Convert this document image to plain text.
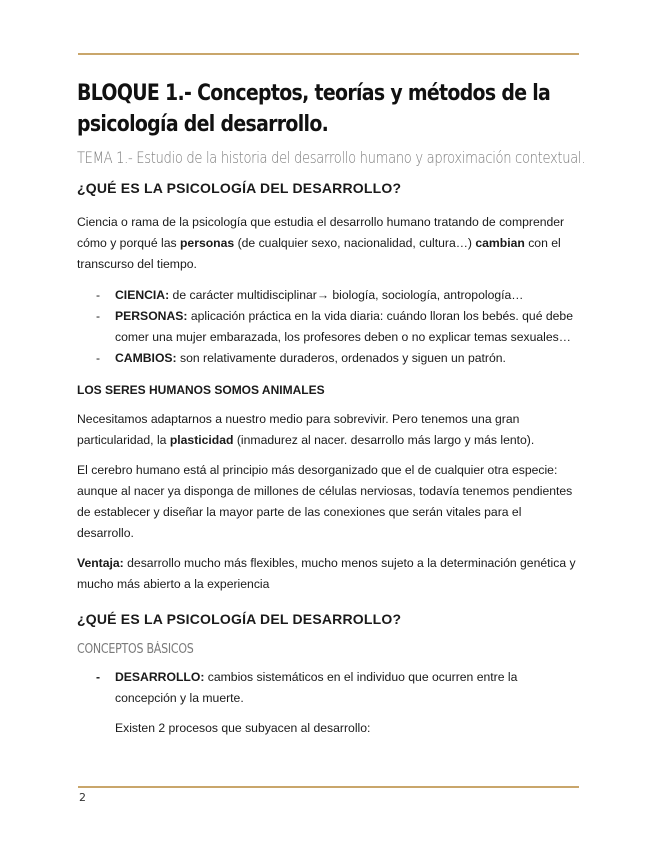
BLOQUE 1.- Conceptos, teorías y métodos de la psicología del desarrollo.
TEMA 1.- Estudio de la historia del desarrollo humano y aproximación contextual.
¿QUÉ ES LA PSICOLOGÍA DEL DESARROLLO?

Ciencia o rama de la psicología que estudia el desarrollo humano tratando de comprender cómo y porqué las personas (de cualquier sexo, nacionalidad, cultura…) cambian con el transcurso del tiempo.

- CIENCIA: de carácter multidisciplinar→ biología, sociología, antropología…
- PERSONAS: aplicación práctica en la vida diaria: cuándo lloran los bebés. qué debe comer una mujer embarazada, los profesores deben o no explicar temas sexuales…
- CAMBIOS: son relativamente duraderos, ordenados y siguen un patrón.
LOS SERES HUMANOS SOMOS ANIMALES

Necesitamos adaptarnos a nuestro medio para sobrevivir. Pero tenemos una gran particularidad, la plasticidad (inmadurez al nacer. desarrollo más largo y más lento).

El cerebro humano está al principio más desorganizado que el de cualquier otra especie: aunque al nacer ya disponga de millones de células nerviosas, todavía tenemos pendientes de establecer y diseñar la mayor parte de las conexiones que serán vitales para el desarrollo.

Ventaja: desarrollo mucho más flexibles, mucho menos sujeto a la determinación genética y mucho más abierto a la experiencia

¿QUÉ ES LA PSICOLOGÍA DEL DESARROLLO?
CONCEPTOS BÁSICOS
- DESARROLLO: cambios sistemáticos en el individuo que ocurren entre la concepción y la muerte.

Existen 2 procesos que subyacen al desarrollo:

2
